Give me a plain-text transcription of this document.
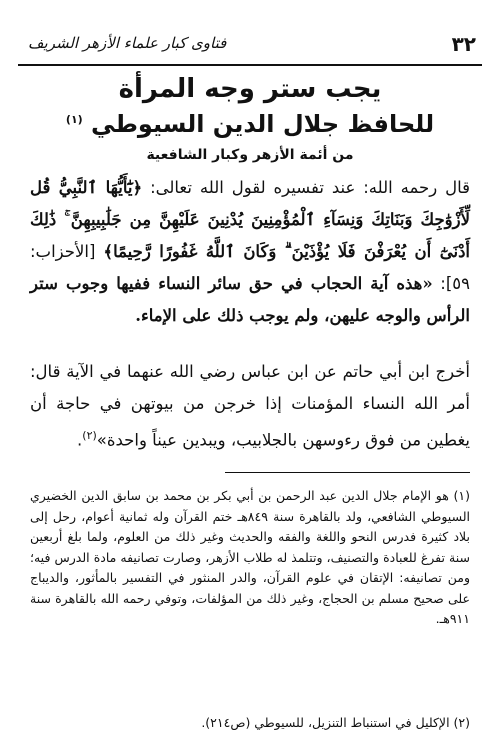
٣٢
فتاوى كبار علماء الأزهر الشريف
يجب ستر وجه المرأة
للحافظ جلال الدين السيوطي $^{(١)}$
من أئمة الأزهر وكبار الشافعية
قال رحمه الله: عند تفسيره لقول الله تعالى: ﴿يَٰٓأَيُّهَا ٱلنَّبِيُّ قُل لِّأَزْوَٰجِكَ وَبَنَاتِكَ وَنِسَآءِ ٱلْمُؤْمِنِينَ يُدْنِينَ عَلَيْهِنَّ مِن جَلَٰبِيبِهِنَّ ۚ ذَٰلِكَ أَدْنَىٰٓ أَن يُعْرَفْنَ فَلَا يُؤْذَيْنَ ۗ وَكَانَ ٱللَّهُ غَفُورًا رَّحِيمًا﴾ [الأحزاب: ٥٩]: «هذه آية الحجاب في حق سائر النساء ففيها وجوب ستر الرأس والوجه عليهن، ولم يوجب ذلك على الإماء.
أخرج ابن أبي حاتم عن ابن عباس رضي الله عنهما في الآية قال: أمر الله النساء المؤمنات إذا خرجن من بيوتهن في حاجة أن يغطين من فوق رءوسهن بالجلابيب، ويبدين عيناً واحدة»$^{(٢)}$.
(١) هو الإمام جلال الدين عبد الرحمن بن أبي بكر بن محمد بن سابق الدين الخضيري السيوطي الشافعي، ولد بالقاهرة سنة ٨٤٩هـ ختم القرآن وله ثمانية أعوام، رحل إلى بلاد كثيرة فدرس النحو واللغة والفقه والحديث وغير ذلك من العلوم، ولما بلغ أربعين سنة تفرغ للعبادة والتصنيف، وتتلمذ له طلاب الأزهر، وصارت تصانيفه مادة الدرس فيه؛ ومن تصانيفه: الإتقان في علوم القرآن، والدر المنثور في التفسير بالمأثور، والديباج على صحيح مسلم بن الحجاج، وغير ذلك من المؤلفات، وتوفي رحمه الله بالقاهرة سنة ٩١١هـ.
(٢) الإكليل في استنباط التنزيل، للسيوطي (ص٢١٤).
